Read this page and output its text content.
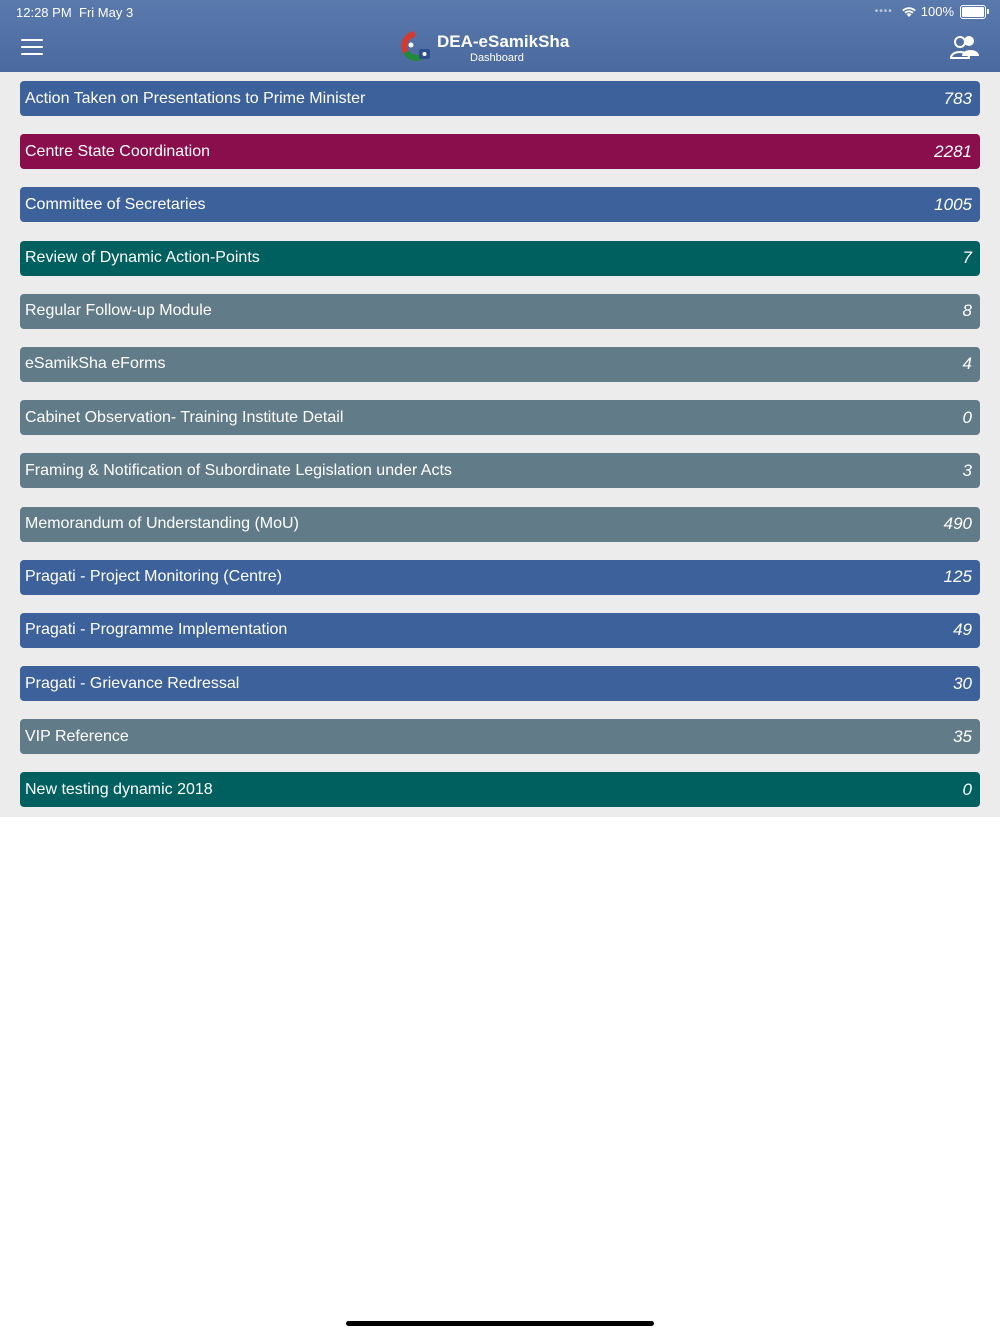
12:28 PM Fri May 3	•••• 100%
DEA-eSamikSha
Dashboard
Action Taken on Presentations to Prime Minister	783
Centre State Coordination	2281
Committee of Secretaries	1005
Review of Dynamic Action-Points	7
Regular Follow-up Module	8
eSamikSha eForms	4
Cabinet Observation- Training Institute Detail	0
Framing & Notification of Subordinate Legislation under Acts	3
Memorandum of Understanding (MoU)	490
Pragati - Project Monitoring (Centre)	125
Pragati - Programme Implementation	49
Pragati - Grievance Redressal	30
VIP Reference	35
New testing dynamic 2018	0
